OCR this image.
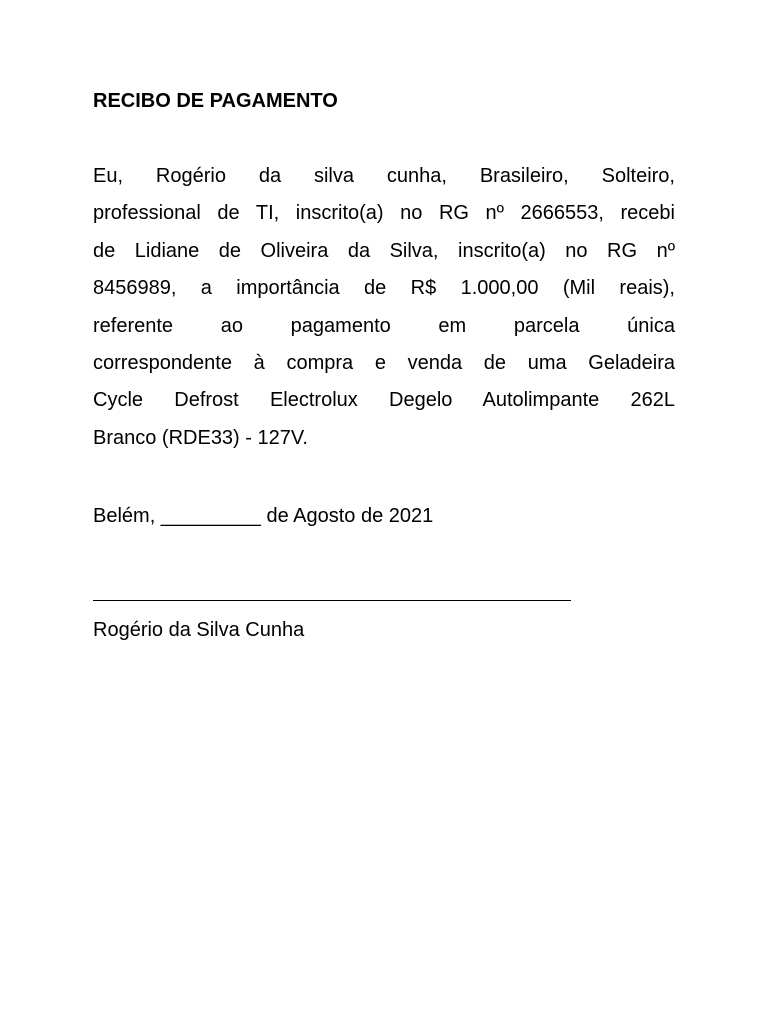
RECIBO DE PAGAMENTO
Eu, Rogério da silva cunha, Brasileiro, Solteiro,
professional de TI, inscrito(a) no RG nº 2666553, recebi
de Lidiane de Oliveira da Silva, inscrito(a) no RG nº
8456989, a importância de R$ 1.000,00 (Mil reais),
referente ao pagamento em parcela única
correspondente à compra e venda de uma Geladeira
Cycle Defrost Electrolux Degelo Autolimpante 262L
Branco (RDE33) - 127V.

Belém, _________ de Agosto de 2021

Rogério da Silva Cunha
